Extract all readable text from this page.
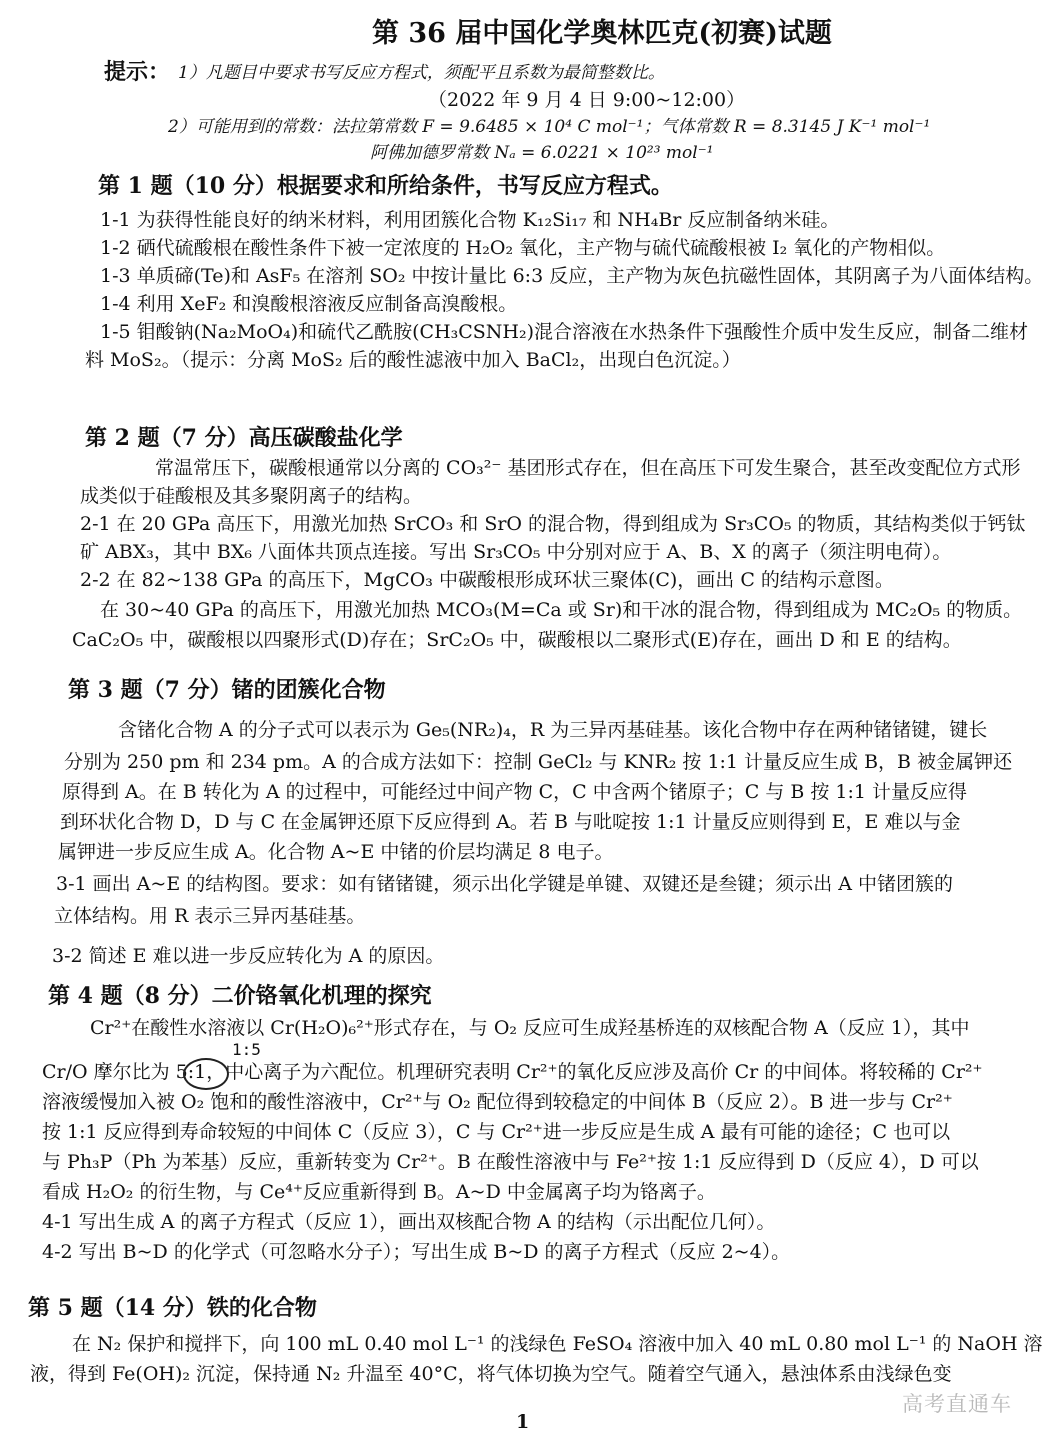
第 36 届中国化学奥林匹克(初赛)试题
提示： 1）凡题目中要求书写反应方程式，须配平且系数为最简整数比。
（2022 年 9 月 4 日 9:00~12:00）
2）可能用到的常数：法拉第常数 F = 9.6485 × 10⁴ C mol⁻¹；气体常数 R = 8.3145 J K⁻¹ mol⁻¹
阿佛加德罗常数 Nₐ = 6.0221 × 10²³ mol⁻¹
第 1 题（10 分）根据要求和所给条件，书写反应方程式。
1-1 为获得性能良好的纳米材料，利用团簇化合物 K₁₂Si₁₇ 和 NH₄Br 反应制备纳米硅。
1-2 硒代硫酸根在酸性条件下被一定浓度的 H₂O₂ 氧化，主产物与硫代硫酸根被 I₂ 氧化的产物相似。
1-3 单质碲(Te)和 AsF₅ 在溶剂 SO₂ 中按计量比 6:3 反应，主产物为灰色抗磁性固体，其阴离子为八面体结构。
1-4 利用 XeF₂ 和溴酸根溶液反应制备高溴酸根。
1-5 钼酸钠(Na₂MoO₄)和硫代乙酰胺(CH₃CSNH₂)混合溶液在水热条件下强酸性介质中发生反应，制备二维材
料 MoS₂。（提示：分离 MoS₂ 后的酸性滤液中加入 BaCl₂，出现白色沉淀。）
第 2 题（7 分）高压碳酸盐化学
常温常压下，碳酸根通常以分离的 CO₃²⁻ 基团形式存在，但在高压下可发生聚合，甚至改变配位方式形
成类似于硅酸根及其多聚阴离子的结构。
2-1 在 20 GPa 高压下，用激光加热 SrCO₃ 和 SrO 的混合物，得到组成为 Sr₃CO₅ 的物质，其结构类似于钙钛
矿 ABX₃，其中 BX₆ 八面体共顶点连接。写出 Sr₃CO₅ 中分别对应于 A、B、X 的离子（须注明电荷）。
2-2 在 82~138 GPa 的高压下，MgCO₃ 中碳酸根形成环状三聚体(C)，画出 C 的结构示意图。
在 30~40 GPa 的高压下，用激光加热 MCO₃(M=Ca 或 Sr)和干冰的混合物，得到组成为 MC₂O₅ 的物质。
CaC₂O₅ 中，碳酸根以四聚形式(D)存在；SrC₂O₅ 中，碳酸根以二聚形式(E)存在，画出 D 和 E 的结构。
第 3 题（7 分）锗的团簇化合物
含锗化合物 A 的分子式可以表示为 Ge₅(NR₂)₄，R 为三异丙基硅基。该化合物中存在两种锗锗键，键长
分别为 250 pm 和 234 pm。A 的合成方法如下：控制 GeCl₂ 与 KNR₂ 按 1:1 计量反应生成 B，B 被金属钾还
原得到 A。在 B 转化为 A 的过程中，可能经过中间产物 C，C 中含两个锗原子；C 与 B 按 1:1 计量反应得
到环状化合物 D，D 与 C 在金属钾还原下反应得到 A。若 B 与吡啶按 1:1 计量反应则得到 E，E 难以与金
属钾进一步反应生成 A。化合物 A~E 中锗的价层均满足 8 电子。
3-1 画出 A~E 的结构图。要求：如有锗锗键，须示出化学键是单键、双键还是叁键；须示出 A 中锗团簇的
立体结构。用 R 表示三异丙基硅基。
3-2 简述 E 难以进一步反应转化为 A 的原因。
第 4 题（8 分）二价铬氧化机理的探究
Cr²⁺在酸性水溶液以 Cr(H₂O)₆²⁺形式存在，与 O₂ 反应可生成羟基桥连的双核配合物 A（反应 1），其中
Cr/O 摩尔比为 5:1，中心离子为六配位。机理研究表明 Cr²⁺的氧化反应涉及高价 Cr 的中间体。将较稀的 Cr²⁺
溶液缓慢加入被 O₂ 饱和的酸性溶液中，Cr²⁺与 O₂ 配位得到较稳定的中间体 B（反应 2）。B 进一步与 Cr²⁺
按 1:1 反应得到寿命较短的中间体 C（反应 3），C 与 Cr²⁺进一步反应是生成 A 最有可能的途径；C 也可以
与 Ph₃P（Ph 为苯基）反应，重新转变为 Cr²⁺。B 在酸性溶液中与 Fe²⁺按 1:1 反应得到 D（反应 4），D 可以
看成 H₂O₂ 的衍生物，与 Ce⁴⁺反应重新得到 B。A~D 中金属离子均为铬离子。
4-1 写出生成 A 的离子方程式（反应 1），画出双核配合物 A 的结构（示出配位几何）。
4-2 写出 B~D 的化学式（可忽略水分子）；写出生成 B~D 的离子方程式（反应 2~4）。
1:5
第 5 题（14 分）铁的化合物
在 N₂ 保护和搅拌下，向 100 mL 0.40 mol L⁻¹ 的浅绿色 FeSO₄ 溶液中加入 40 mL 0.80 mol L⁻¹ 的 NaOH 溶
液，得到 Fe(OH)₂ 沉淀，保持通 N₂ 升温至 40°C，将气体切换为空气。随着空气通入，悬浊体系由浅绿色变
高考直通车
1
